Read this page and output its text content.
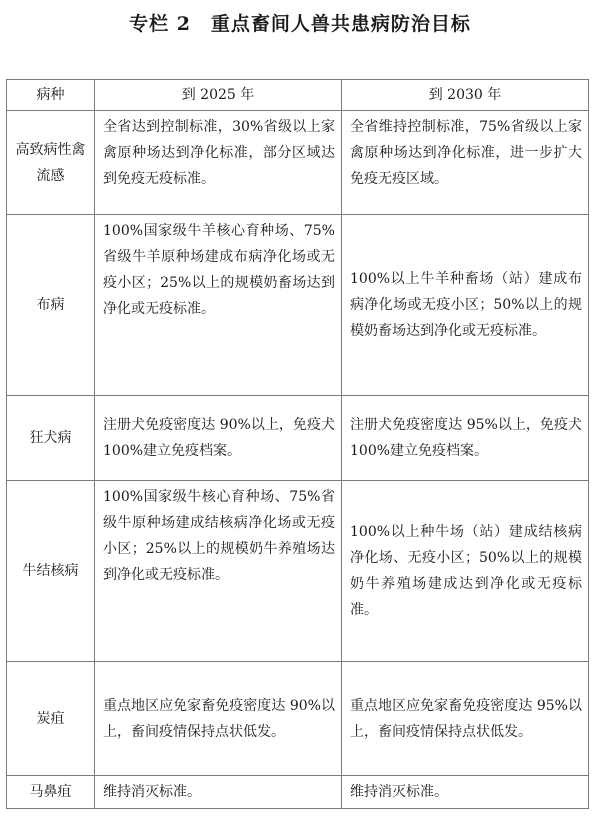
专栏 2　重点畜间人兽共患病防治目标
病种	到 2025 年	到 2030 年
高致病性禽流感	全省达到控制标准，30%省级以上家禽原种场达到净化标准，部分区域达到免疫无疫标准。	全省维持控制标准，75%省级以上家禽原种场达到净化标准，进一步扩大免疫无疫区域。
布病	100%国家级牛羊核心育种场、75%省级牛羊原种场建成布病净化场或无疫小区；25%以上的规模奶畜场达到净化或无疫标准。	100%以上牛羊种畜场（站）建成布病净化场或无疫小区；50%以上的规模奶畜场达到净化或无疫标准。
狂犬病	注册犬免疫密度达 90%以上，免疫犬 100%建立免疫档案。	注册犬免疫密度达 95%以上，免疫犬 100%建立免疫档案。
牛结核病	100%国家级牛核心育种场、75%省级牛原种场建成结核病净化场或无疫小区；25%以上的规模奶牛养殖场达到净化或无疫标准。	100%以上种牛场（站）建成结核病净化场、无疫小区；50%以上的规模奶牛养殖场建成达到净化或无疫标准。
炭疽	重点地区应免家畜免疫密度达 90%以上，畜间疫情保持点状低发。	重点地区应免家畜免疫密度达 95%以上，畜间疫情保持点状低发。
马鼻疽	维持消灭标准。	维持消灭标准。
